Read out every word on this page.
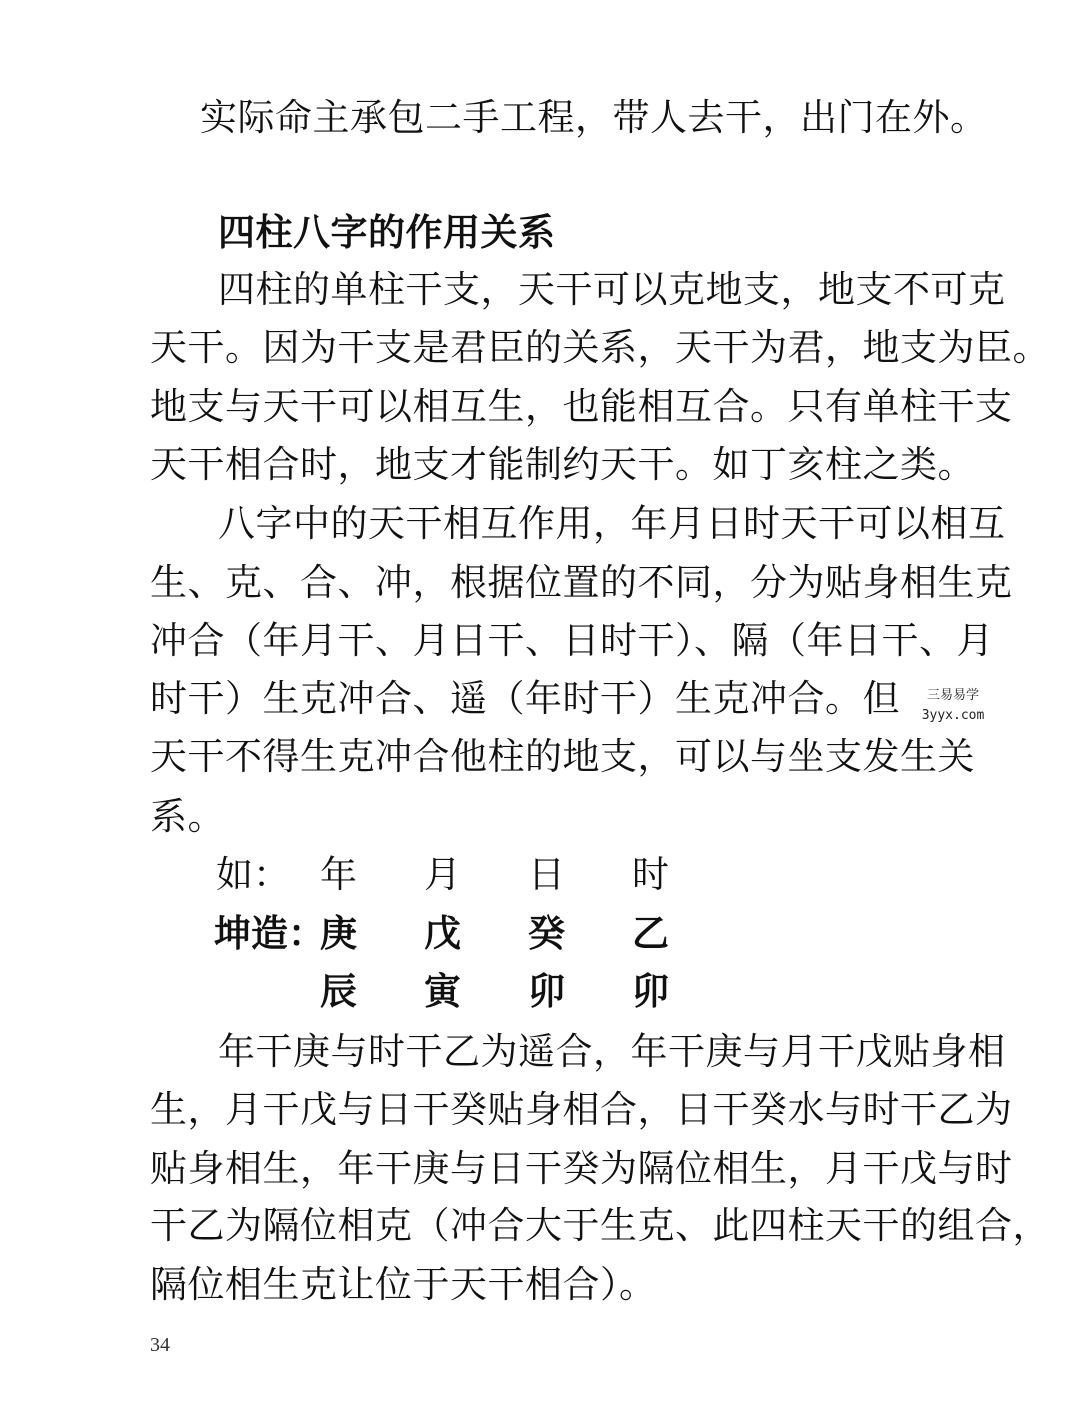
实际命主承包二手工程，带人去干，出门在外。
四柱八字的作用关系
四柱的单柱干支，天干可以克地支，地支不可克
天干。因为干支是君臣的关系，天干为君，地支为臣。
地支与天干可以相互生，也能相互合。只有单柱干支
天干相合时，地支才能制约天干。如丁亥柱之类。
八字中的天干相互作用，年月日时天干可以相互
生、克、合、冲，根据位置的不同，分为贴身相生克
冲合（年月干、月日干、日时干）、隔（年日干、月
时干）生克冲合、遥（年时干）生克冲合。但
天干不得生克冲合他柱的地支，可以与坐支发生关
系。
如： 年 月 日 时
坤造：
庚 戊 癸 乙
辰 寅 卯 卯
年干庚与时干乙为遥合，年干庚与月干戊贴身相
生，月干戊与日干癸贴身相合，日干癸水与时干乙为
贴身相生，年干庚与日干癸为隔位相生，月干戊与时
干乙为隔位相克（冲合大于生克、此四柱天干的组合，
隔位相生克让位于天干相合）。
34
三易易学
3yyx.com
